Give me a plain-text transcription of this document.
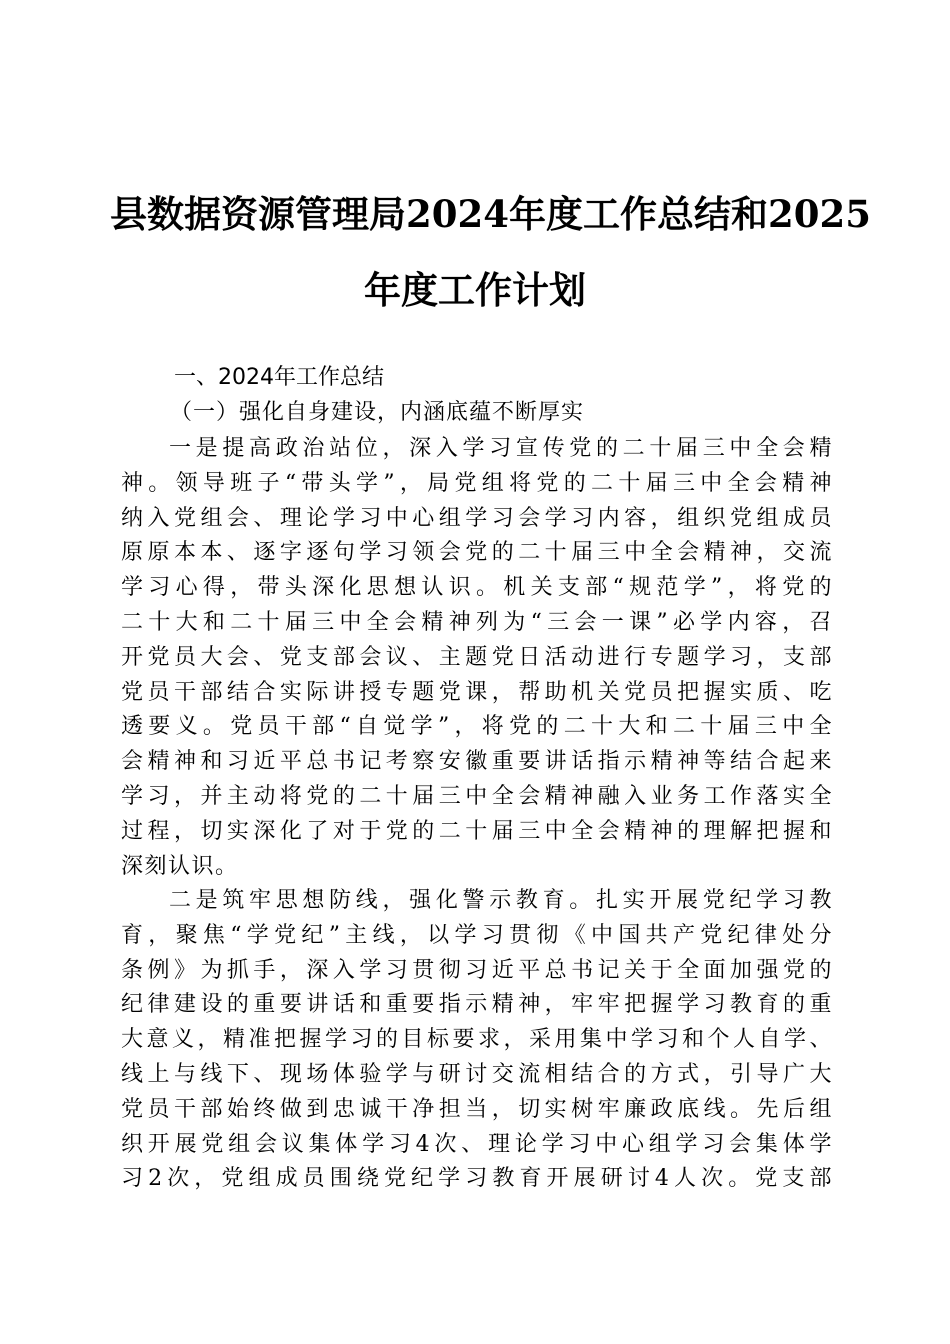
县数据资源管理局2024年度工作总结和2025
年度工作计划
一、2024年工作总结
（一）强化自身建设，内涵底蕴不断厚实
一是提高政治站位，深入学习宣传党的二十届三中全会精
神。领导班子“带头学”，局党组将党的二十届三中全会精神
纳入党组会、理论学习中心组学习会学习内容，组织党组成员
原原本本、逐字逐句学习领会党的二十届三中全会精神，交流
学习心得，带头深化思想认识。机关支部“规范学”，将党的
二十大和二十届三中全会精神列为“三会一课”必学内容，召
开党员大会、党支部会议、主题党日活动进行专题学习，支部
党员干部结合实际讲授专题党课，帮助机关党员把握实质、吃
透要义。党员干部“自觉学”，将党的二十大和二十届三中全
会精神和习近平总书记考察安徽重要讲话指示精神等结合起来
学习，并主动将党的二十届三中全会精神融入业务工作落实全
过程，切实深化了对于党的二十届三中全会精神的理解把握和
深刻认识。
二是筑牢思想防线，强化警示教育。扎实开展党纪学习教
育，聚焦“学党纪”主线，以学习贯彻《中国共产党纪律处分
条例》为抓手，深入学习贯彻习近平总书记关于全面加强党的
纪律建设的重要讲话和重要指示精神，牢牢把握学习教育的重
大意义，精准把握学习的目标要求，采用集中学习和个人自学、
线上与线下、现场体验学与研讨交流相结合的方式，引导广大
党员干部始终做到忠诚干净担当，切实树牢廉政底线。先后组
织开展党组会议集体学习4次、理论学习中心组学习会集体学
习2次，党组成员围绕党纪学习教育开展研讨4人次。党支部
